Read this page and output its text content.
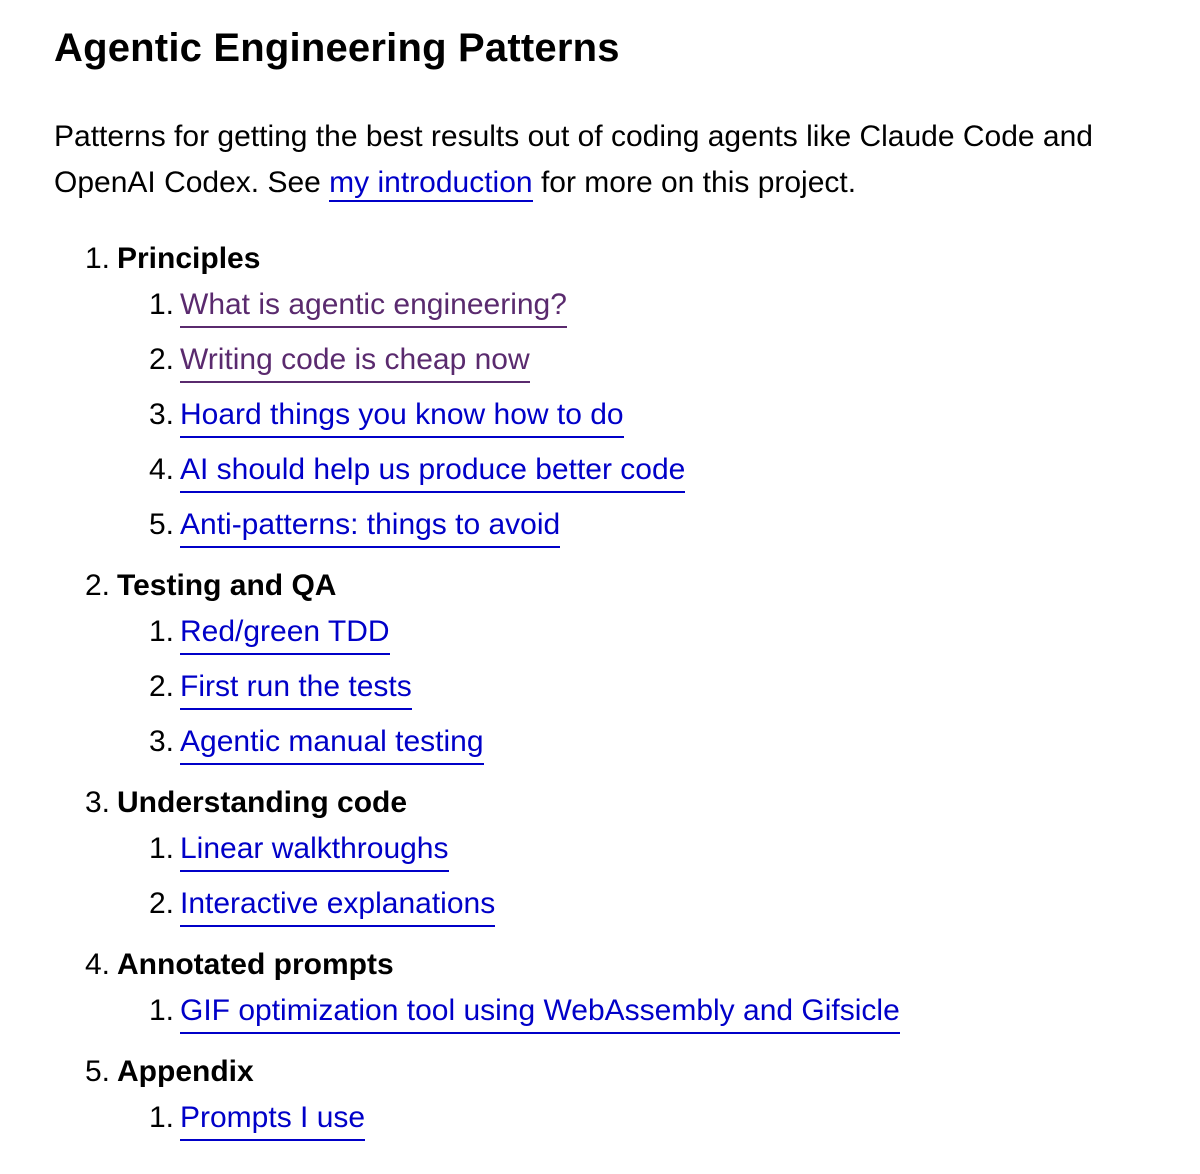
Agentic Engineering Patterns

Patterns for getting the best results out of coding agents like Claude Code and OpenAI Codex. See my introduction for more on this project.

1. Principles
1. What is agentic engineering?
2. Writing code is cheap now
3. Hoard things you know how to do
4. AI should help us produce better code
5. Anti-patterns: things to avoid
2. Testing and QA
1. Red/green TDD
2. First run the tests
3. Agentic manual testing
3. Understanding code
1. Linear walkthroughs
2. Interactive explanations
4. Annotated prompts
1. GIF optimization tool using WebAssembly and Gifsicle
5. Appendix
1. Prompts I use
